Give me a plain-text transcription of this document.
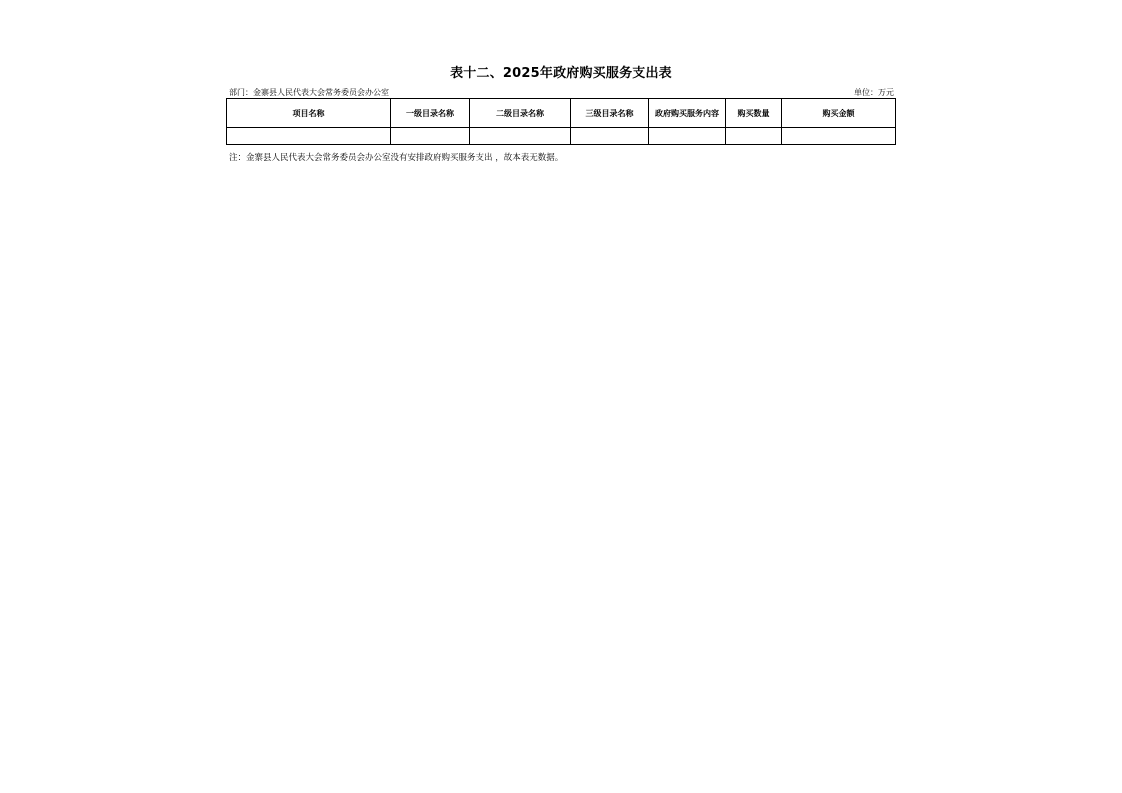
表十二、2025年政府购买服务支出表
部门：金寨县人民代表大会常务委员会办公室	单位：万元
项目名称	一级目录名称	二级目录名称	三级目录名称	政府购买服务内容	购买数量	购买金额

注：金寨县人民代表大会常务委员会办公室没有安排政府购买服务支出 ，故本表无数据。
